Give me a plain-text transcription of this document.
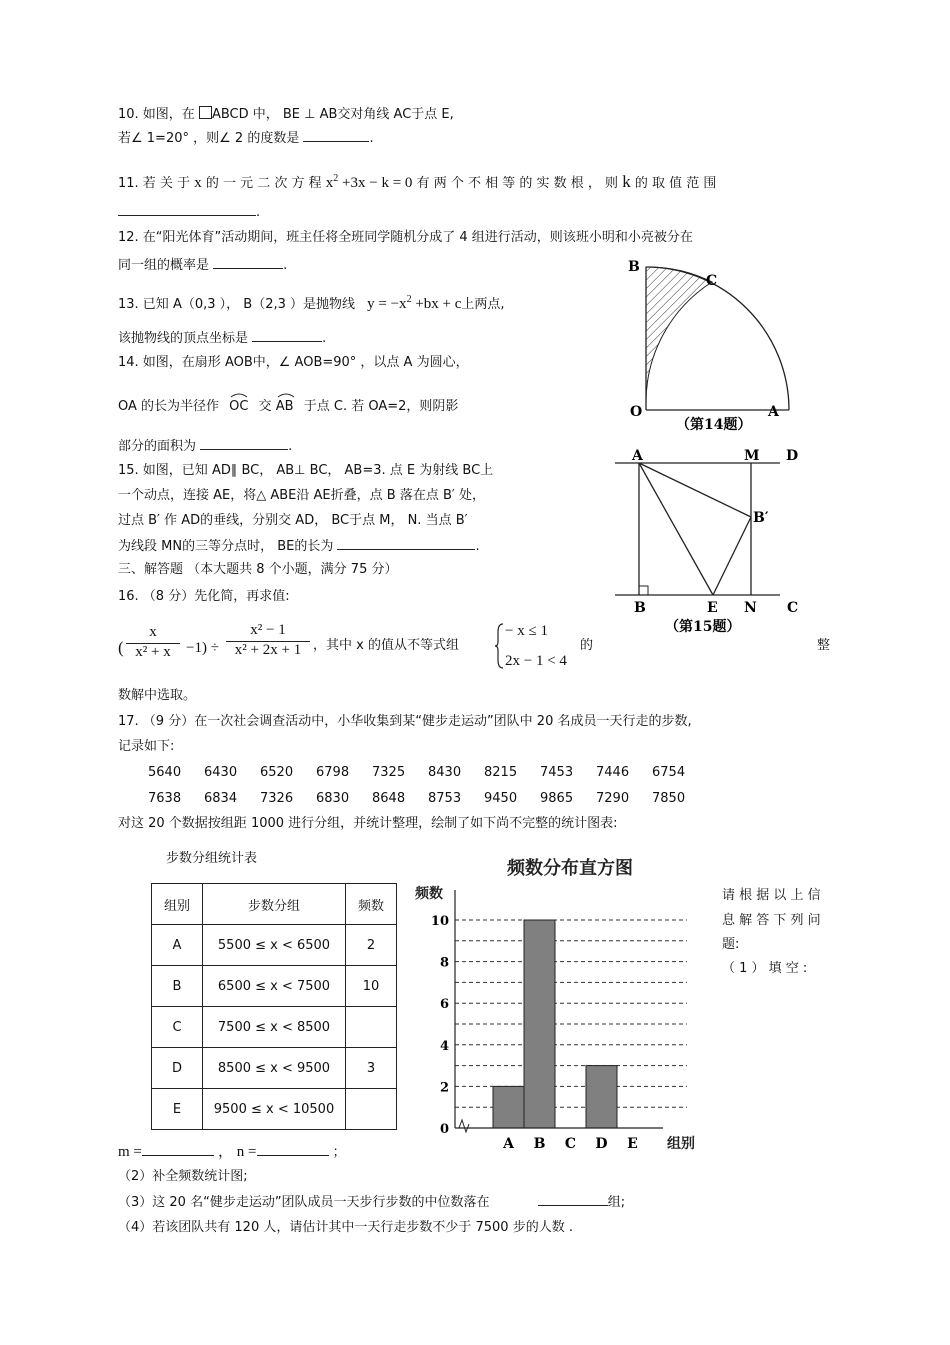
10. 如图，在 ABCD 中， BE ⊥ AB交对角线 AC于点 E,
若∠ 1=20° ，则∠ 2 的度数是	.
11. 若 关 于 x 的 一 元 二 次 方 程 $x^2 +3x - k = 0$ 有 两 个 不 相 等 的 实 数 根 ， 则 k 的 取 值 范 围
.
12. 在“阳光体育”活动期间，班主任将全班同学随机分成了 4 组进行活动，则该班小明和小亮被分在
同一组的概率是	.
13. 已知 A（0,3 ）， B（2,3 ）是抛物线 $y = -x^2 +bx + c$上两点,
该抛物线的顶点坐标是	.
14. 如图，在扇形 AOB中，∠ AOB=90° ，以点 A 为圆心，
OA 的长为半径作 OC 交 AB 于点 C. 若 OA=2，则阴影
部分的面积为	.
15. 如图，已知 AD∥ BC， AB⊥ BC， AB=3. 点 E 为射线 BC上
一个动点，连接 AE，将△ ABE沿 AE折叠，点 B 落在点 B′ 处，
过点 B′ 作 AD的垂线，分别交 AD， BC于点 M， N. 当点 B′
为线段 MN的三等分点时， BE的长为	.
三、解答题 （本大题共 8 个小题，满分 75 分）
16. （8 分）先化简，再求值:
( $\frac{x}{\text{x² + x}} -1) \div \frac{\text{x² − 1}}{\text{x² + 2x + 1}}$ ，其中 x 的值从不等式组
− x ≤ 1
2x − 1 < 4
的	整
数解中选取。
17. （9 分）在一次社会调查活动中，小华收集到某“健步走运动”团队中 20 名成员一天行走的步数,
记录如下:
5640 6430 6520 6798 7325 8430 8215 7453 7446 6754
7638 6834 7326 6830 8648 8753 9450 9865 7290 7850
对这 20 个数据按组距 1000 进行分组，并统计整理，绘制了如下尚不完整的统计图表:
步数分组统计表
组别	步数分组	频数
A	5500 ≤ x < 6500	2
B	6500 ≤ x < 7500	10
C	7500 ≤ x < 8500	
D	8500 ≤ x < 9500	3
E	9500 ≤ x < 10500	
频数分布直方图
频数
组别
0
2
4
6
8
10
A B C D E
请 根 据 以 上 信
息 解 答 下 列 问
题:
（ 1 ） 填 空 :
m =	， n =	；
（2）补全频数统计图;
（3）这 20 名“健步走运动”团队成员一天步行步数的中位数落在	组;
（4）若该团队共有 120 人，请估计其中一天行走步数不少于 7500 步的人数 .
B
C
O	A
（第14题）
A	M D
B′
B	E N C
（第15题）
